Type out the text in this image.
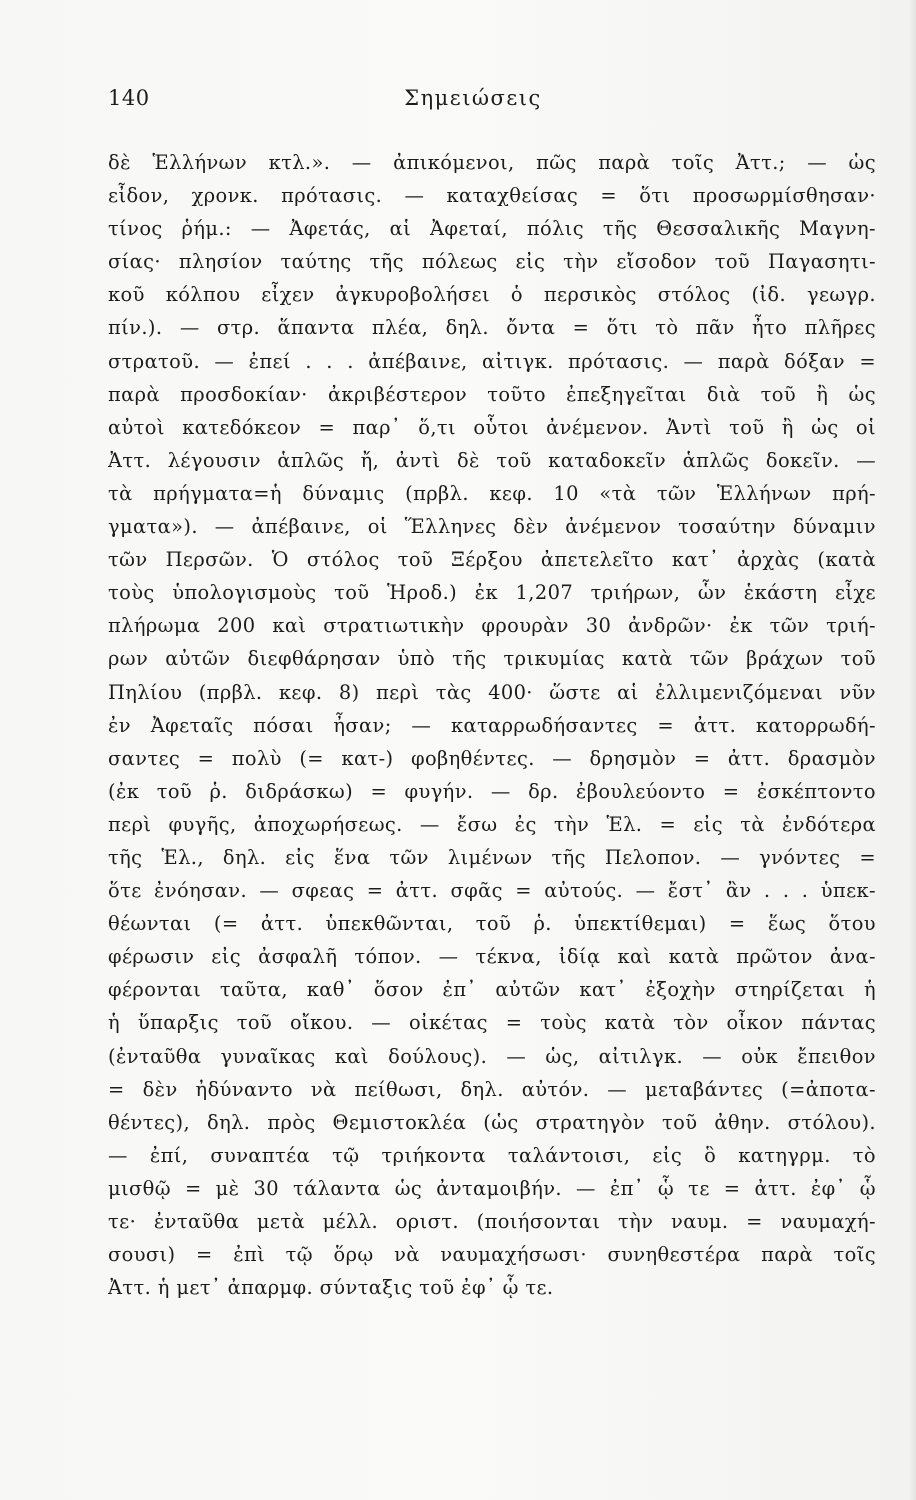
140	Σημειώσεις
δὲ Ἑλλήνων κτλ.». — ἀπικόμενοι, πῶς παρὰ τοῖς Ἀττ.; — ὡς
εἶδον, χρονκ. πρότασις. — καταχθείσας = ὅτι προσωρμίσθησαν·
τίνος ῥήμ.: — Ἀφετάς, αἱ Ἀφεταί, πόλις τῆς Θεσσαλικῆς Μαγνη-
σίας· πλησίον ταύτης τῆς πόλεως εἰς τὴν εἴσοδον τοῦ Παγασητι-
κοῦ κόλπου εἶχεν ἀγκυροβολήσει ὁ περσικὸς στόλος (ἰδ. γεωγρ.
πίν.). — στρ. ἅπαντα πλέα, δηλ. ὄντα = ὅτι τὸ πᾶν ἦτο πλῆρες
στρατοῦ. — ἐπεί . . . ἀπέβαινε, αἰτιγκ. πρότασις. — παρὰ δόξαν =
παρὰ προσδοκίαν· ἀκριβέστερον τοῦτο ἐπεξηγεῖται διὰ τοῦ ἢ ὡς
αὐτοὶ κατεδόκεον = παρ᾽ ὅ,τι οὗτοι ἀνέμενον. Ἀντὶ τοῦ ἢ ὡς οἱ
Ἀττ. λέγουσιν ἁπλῶς ἤ, ἀντὶ δὲ τοῦ καταδοκεῖν ἁπλῶς δοκεῖν. —
τὰ πρήγματα=ἡ δύναμις (πρβλ. κεφ. 10 «τὰ τῶν Ἑλλήνων πρή-
γματα»). — ἀπέβαινε, οἱ Ἕλληνες δὲν ἀνέμενον τοσαύτην δύναμιν
τῶν Περσῶν. Ὁ στόλος τοῦ Ξέρξου ἀπετελεῖτο κατ᾽ ἀρχὰς (κατὰ
τοὺς ὑπολογισμοὺς τοῦ Ἡροδ.) ἐκ 1,207 τριήρων, ὧν ἑκάστη εἶχε
πλήρωμα 200 καὶ στρατιωτικὴν φρουρὰν 30 ἀνδρῶν· ἐκ τῶν τριή-
ρων αὐτῶν διεφθάρησαν ὑπὸ τῆς τρικυμίας κατὰ τῶν βράχων τοῦ
Πηλίου (πρβλ. κεφ. 8) περὶ τὰς 400· ὥστε αἱ ἐλλιμενιζόμεναι νῦν
ἐν Ἀφεταῖς πόσαι ἦσαν; — καταρρωδήσαντες = ἀττ. κατορρωδή-
σαντες = πολὺ (= κατ-) φοβηθέντες. — δρησμὸν = ἀττ. δρασμὸν
(ἐκ τοῦ ῥ. διδράσκω) = φυγήν. — δρ. ἐβουλεύοντο = ἐσκέπτοντο
περὶ φυγῆς, ἀποχωρήσεως. — ἔσω ἐς τὴν Ἑλ. = εἰς τὰ ἐνδότερα
τῆς Ἑλ., δηλ. εἰς ἕνα τῶν λιμένων τῆς Πελοπον. — γνόντες =
ὅτε ἐνόησαν. — σφεας = ἀττ. σφᾶς = αὐτούς. — ἔστ᾽ ἂν . . . ὑπεκ-
θέωνται (= ἀττ. ὑπεκθῶνται, τοῦ ῥ. ὑπεκτίθεμαι) = ἕως ὅτου
φέρωσιν εἰς ἀσφαλῆ τόπον. — τέκνα, ἰδίᾳ καὶ κατὰ πρῶτον ἀνα-
φέρονται ταῦτα, καθ᾽ ὅσον ἐπ᾽ αὐτῶν κατ᾽ ἐξοχὴν στηρίζεται ἡ
ἡ ὕπαρξις τοῦ οἴκου. — οἰκέτας = τοὺς κατὰ τὸν οἶκον πάντας
(ἐνταῦθα γυναῖκας καὶ δούλους). — ὡς, αἰτιλγκ. — οὐκ ἔπειθον
= δὲν ἠδύναντο νὰ πείθωσι, δηλ. αὐτόν. — μεταβάντες (=ἀποτα-
θέντες), δηλ. πρὸς Θεμιστοκλέα (ὡς στρατηγὸν τοῦ ἀθην. στόλου).
— ἐπί, συναπτέα τῷ τριήκοντα ταλάντοισι, εἰς ὃ κατηγρμ. τὸ
μισθῷ = μὲ 30 τάλαντα ὡς ἀνταμοιβήν. — ἐπ᾽ ᾧ τε = ἀττ. ἐφ᾽ ᾧ
τε· ἐνταῦθα μετὰ μέλλ. οριστ. (ποιήσονται τὴν ναυμ. = ναυμαχή-
σουσι) = ἐπὶ τῷ ὅρῳ νὰ ναυμαχήσωσι· συνηθεστέρα παρὰ τοῖς
Ἀττ. ἡ μετ᾽ ἀπαρμφ. σύνταξις τοῦ ἐφ᾽ ᾧ τε.
